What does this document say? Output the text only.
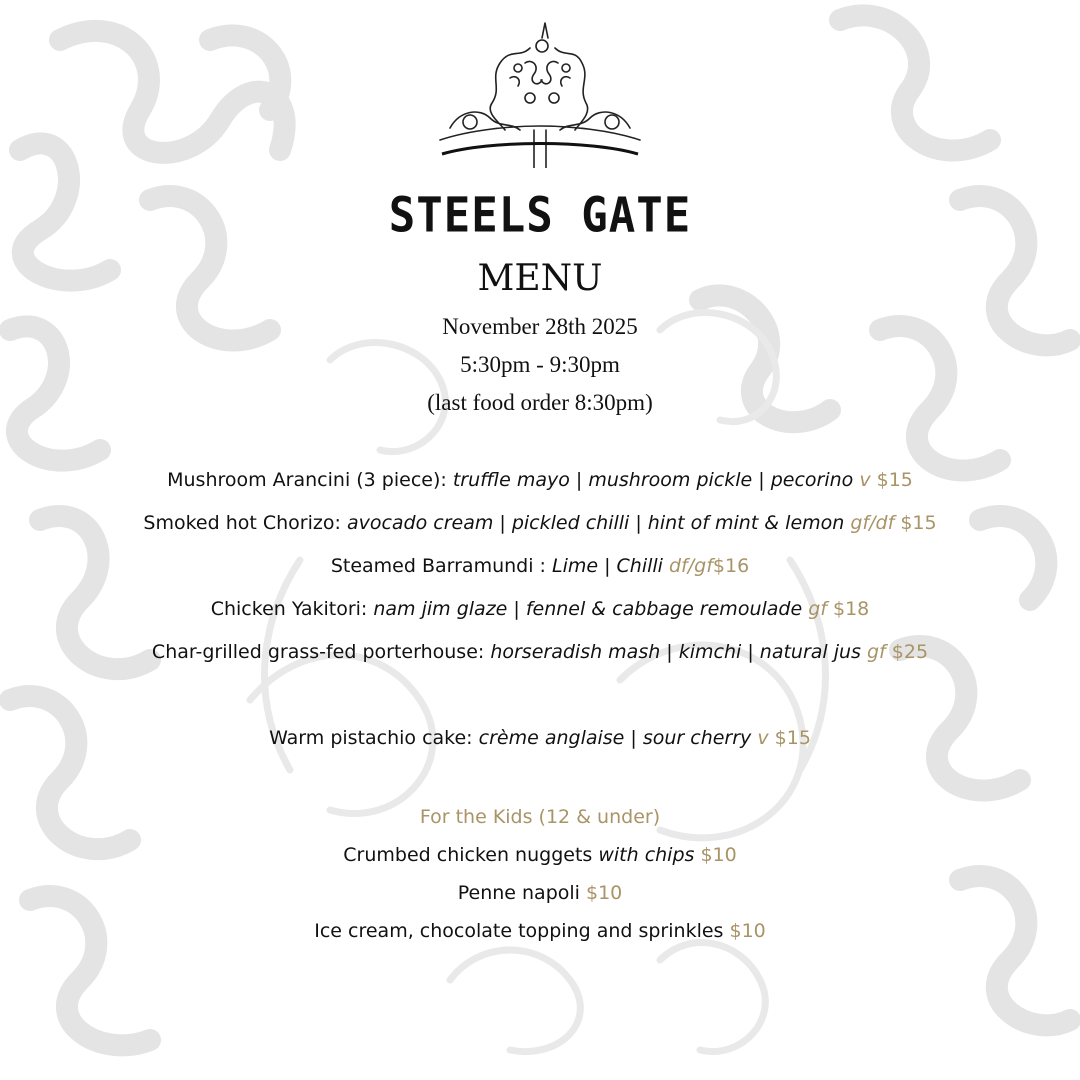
STEELS GATE
MENU
November 28th 2025
5:30pm - 9:30pm
(last food order 8:30pm)
Mushroom Arancini (3 piece): truffle mayo | mushroom pickle | pecorino v $15
Smoked hot Chorizo: avocado cream | pickled chilli | hint of mint & lemon gf/df $15
Steamed Barramundi : Lime | Chilli df/gf$16
Chicken Yakitori: nam jim glaze | fennel & cabbage remoulade gf $18
Char-grilled grass-fed porterhouse: horseradish mash | kimchi | natural jus gf $25
Warm pistachio cake: crème anglaise | sour cherry v $15
For the Kids (12 & under)
Crumbed chicken nuggets with chips $10
Penne napoli $10
Ice cream, chocolate topping and sprinkles $10
